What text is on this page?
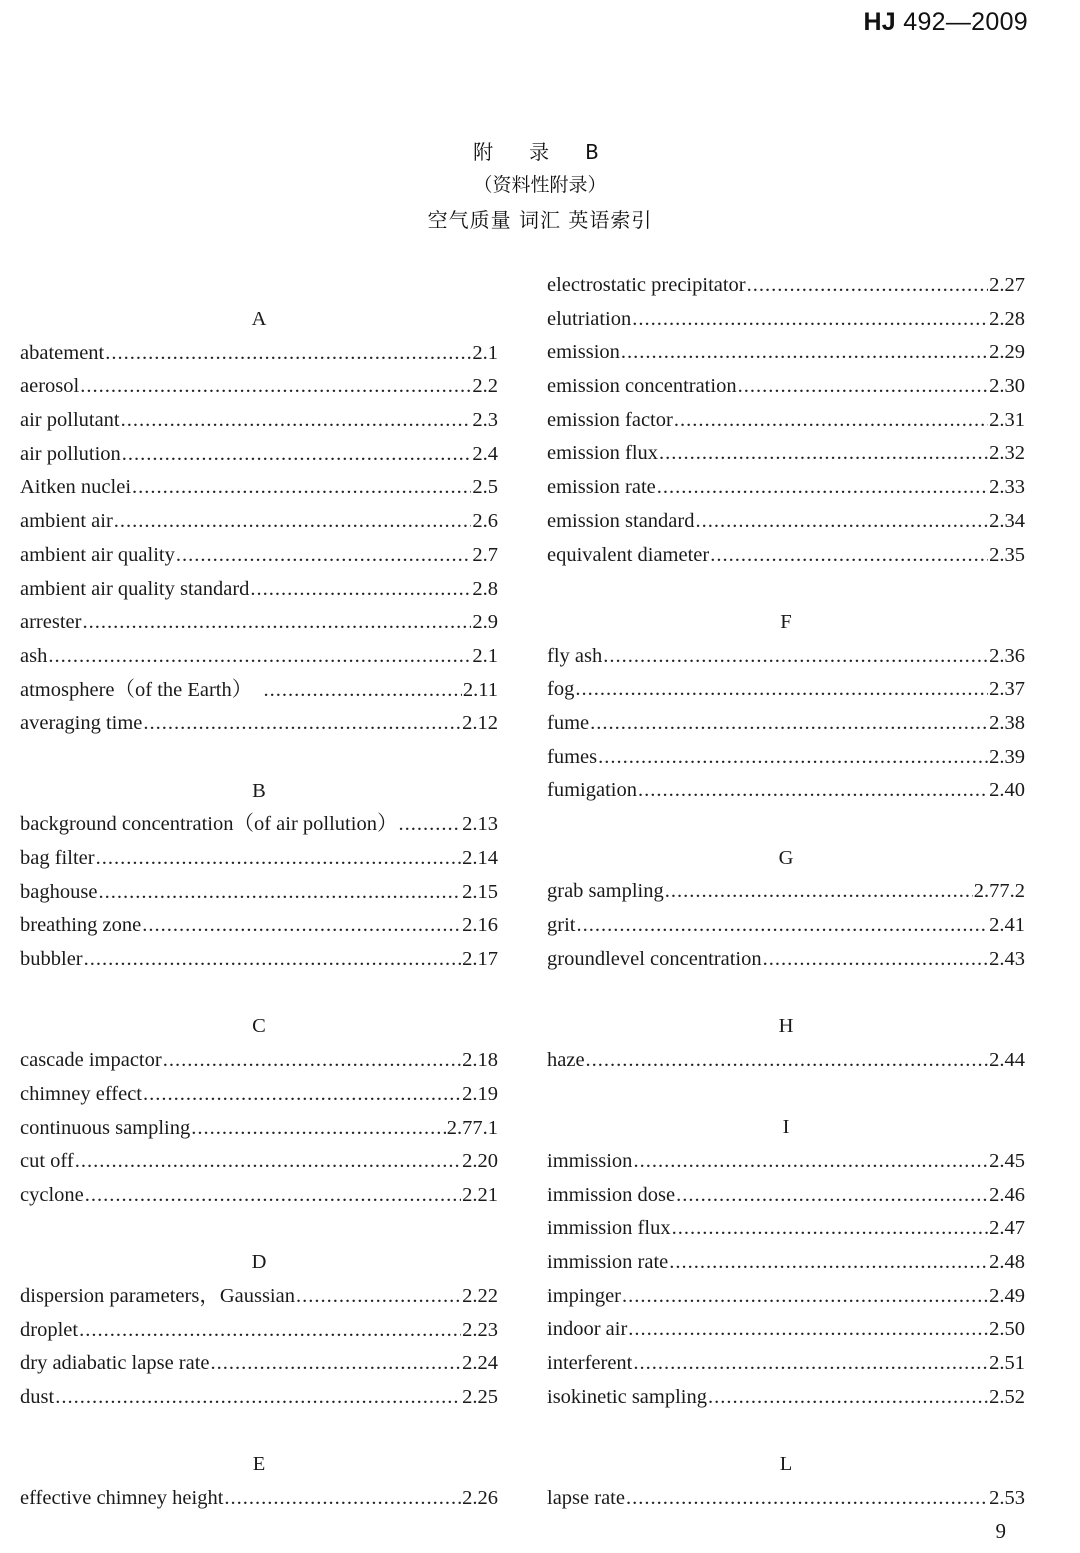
HJ 492—2009
附　录　B
（资料性附录）
空气质量 词汇 英语索引
A
abatement .....	2.1
aerosol .....	2.2
air pollutant .....	2.3
air pollution .....	2.4
Aitken nuclei .....	2.5
ambient air .....	2.6
ambient air quality .....	2.7
ambient air quality standard .....	2.8
arrester .....	2.9
ash .....	2.1
atmosphere（of the Earth）　 .....	2.11
averaging time .....	2.12
B
background concentration（of air pollution） .....	2.13
bag filter .....	2.14
baghouse .....	2.15
breathing zone .....	2.16
bubbler .....	2.17
C
cascade impactor .....	2.18
chimney effect .....	2.19
continuous sampling .....	2.77.1
cut off .....	2.20
cyclone .....	2.21
D
dispersion parameters，Gaussian .....	2.22
droplet .....	2.23
dry adiabatic lapse rate .....	2.24
dust .....	2.25
E
effective chimney height .....	2.26
electrostatic precipitator .....	2.27
elutriation .....	2.28
emission .....	2.29
emission concentration .....	2.30
emission factor .....	2.31
emission flux .....	2.32
emission rate .....	2.33
emission standard .....	2.34
equivalent diameter .....	2.35
F
fly ash .....	2.36
fog .....	2.37
fume .....	2.38
fumes .....	2.39
fumigation .....	2.40
G
grab sampling .....	2.77.2
grit .....	2.41
groundlevel concentration .....	2.43
H
haze .....	2.44
I
immission .....	2.45
immission dose .....	2.46
immission flux .....	2.47
immission rate .....	2.48
impinger .....	2.49
indoor air .....	2.50
interferent .....	2.51
isokinetic sampling .....	2.52
L
lapse rate .....	2.53
9
